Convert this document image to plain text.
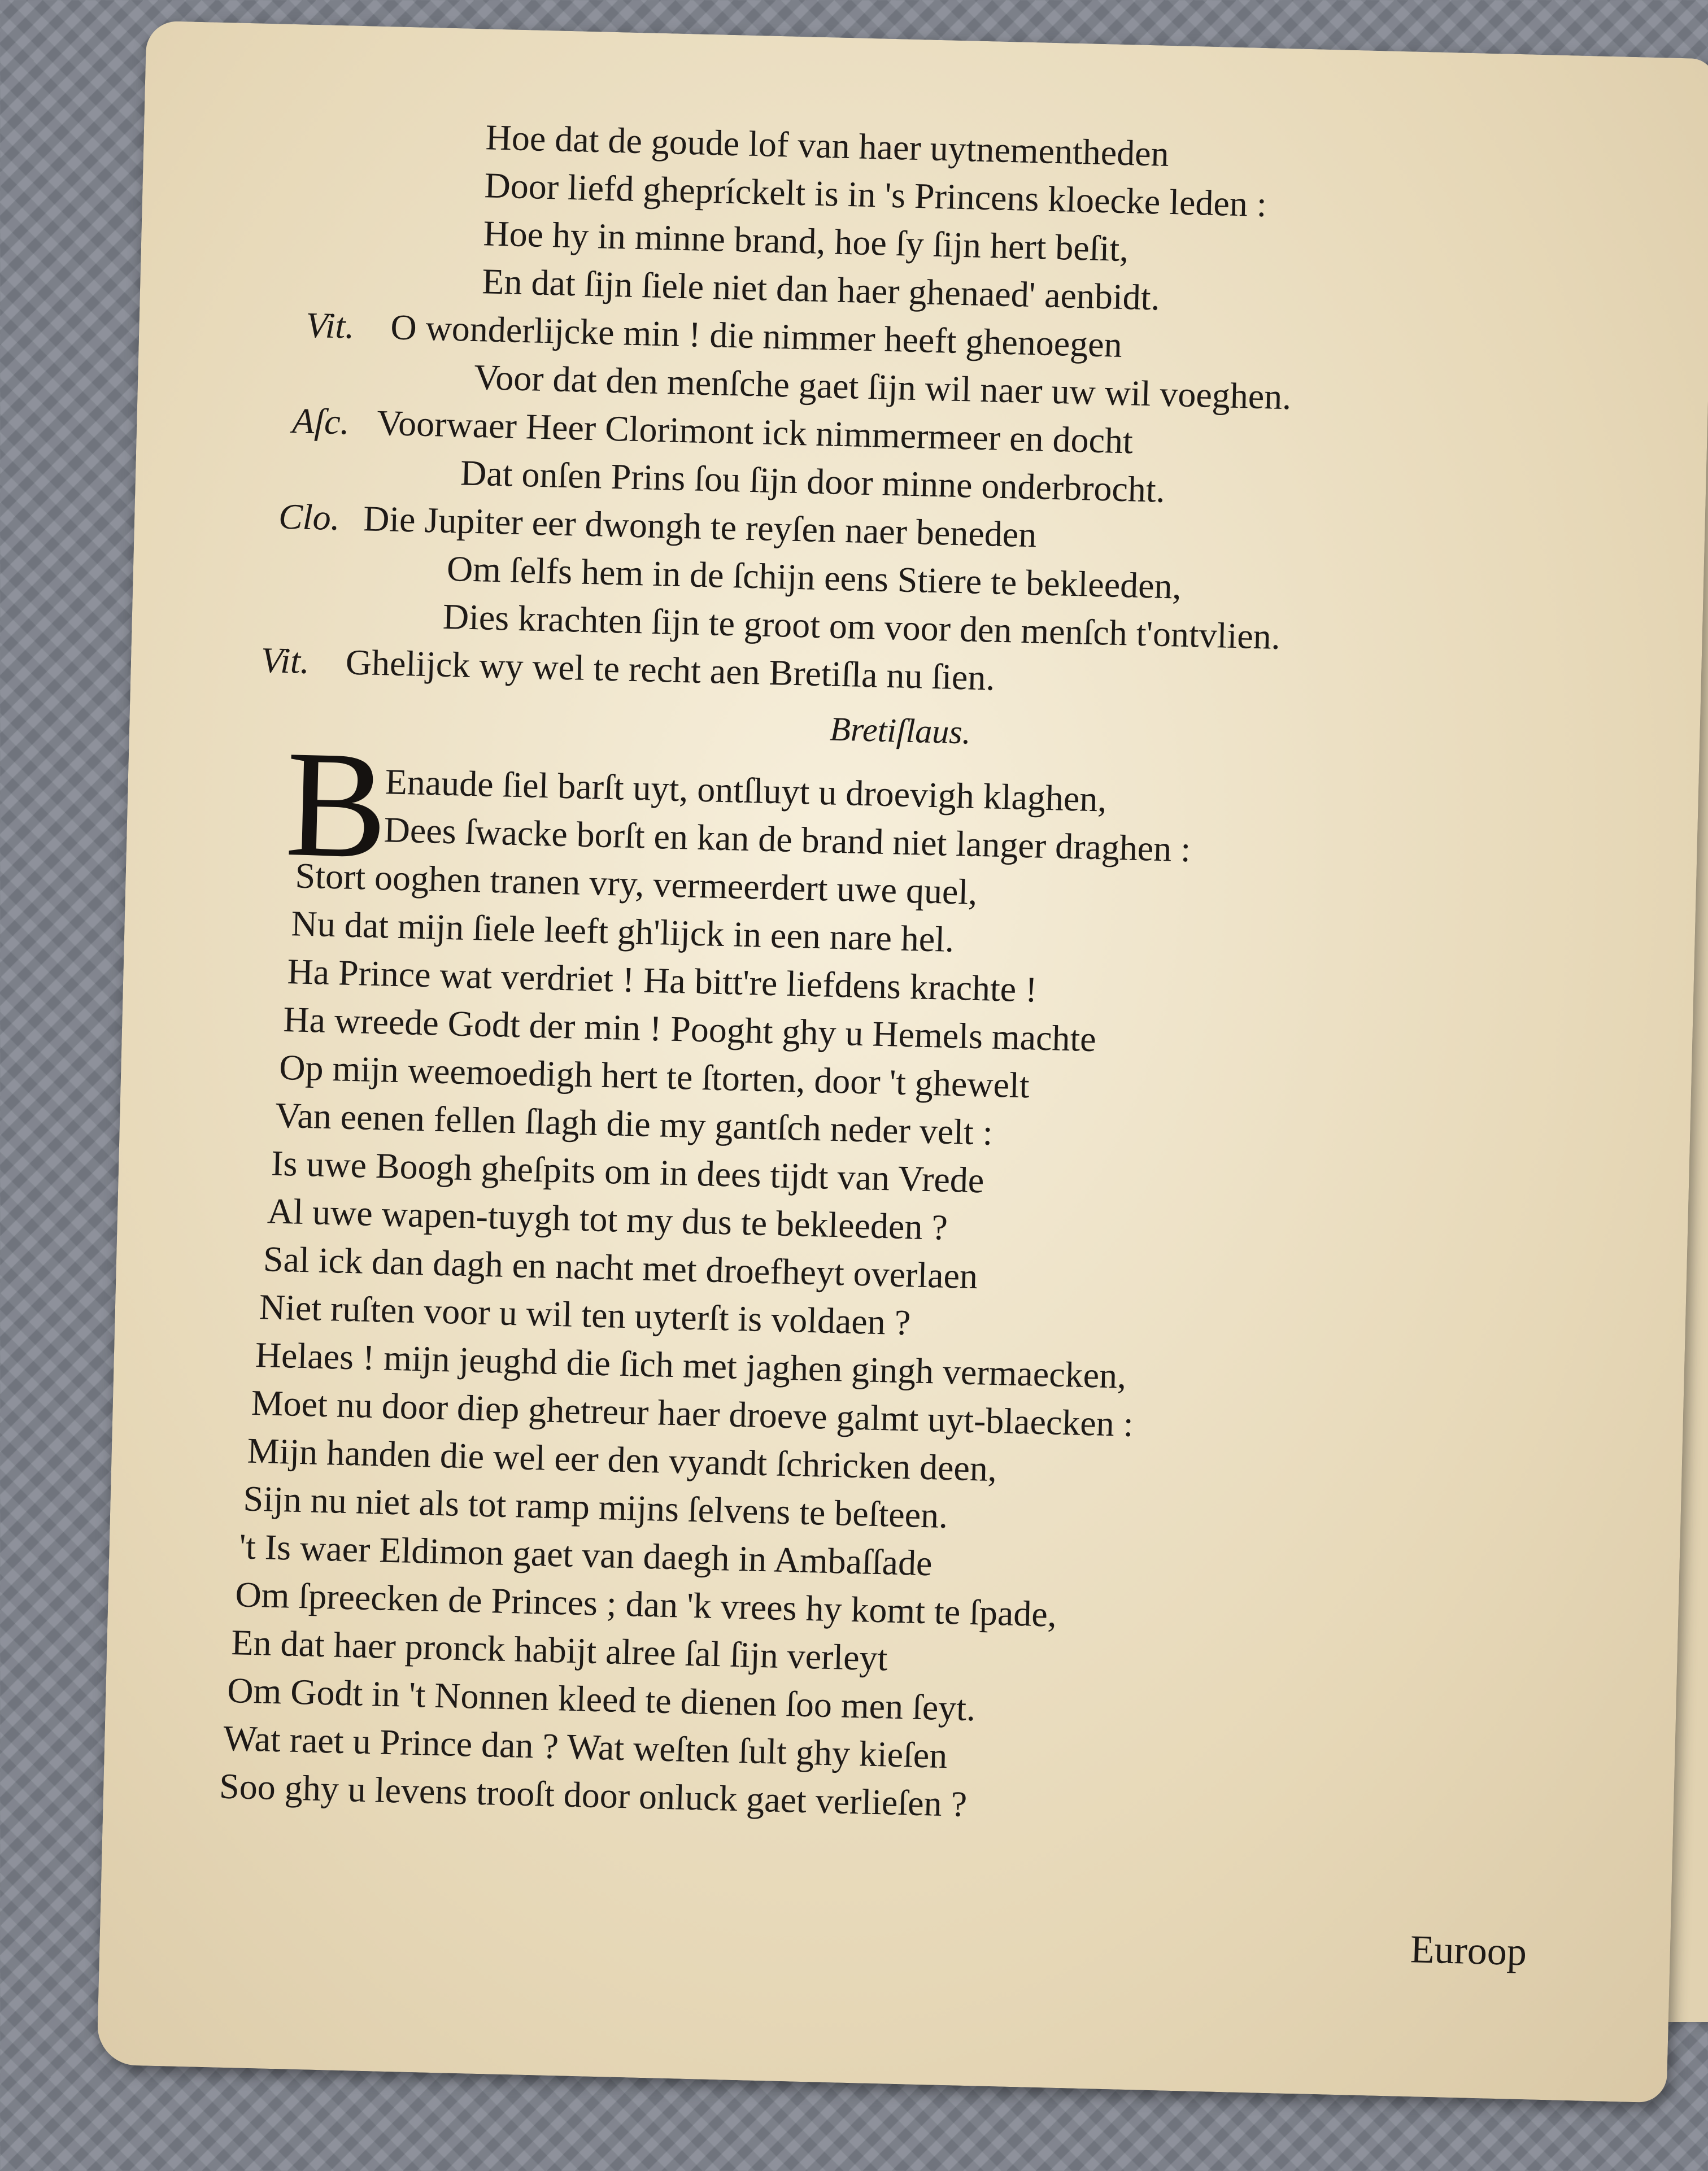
Hoe dat de goude lof van haer uytnementheden
Door liefd ghepríckelt is in 's Princens kloecke leden :
Hoe hy in minne brand, hoe ſy ſijn hert beſit,
En dat ſijn ſiele niet dan haer ghenaed' aenbidt.
Vit. O wonderlijcke min ! die nimmer heeft ghenoegen
Voor dat den menſche gaet ſijn wil naer uw wil voeghen.
Aſc. Voorwaer Heer Clorimont ick nimmermeer en docht
Dat onſen Prins ſou ſijn door minne onderbrocht.
Clo. Die Jupiter eer dwongh te reyſen naer beneden
Om ſelfs hem in de ſchijn eens Stiere te bekleeden,
Dies krachten ſijn te groot om voor den menſch t'ontvlien.
Vit. Ghelijck wy wel te recht aen Bretiſla nu ſien.
Bretiſlaus.
B
Enaude ſiel barſt uyt, ontſluyt u droevigh klaghen,
Dees ſwacke borſt en kan de brand niet langer draghen :
Stort ooghen tranen vry, vermeerdert uwe quel,
Nu dat mijn ſiele leeft gh'lijck in een nare hel.
Ha Prince wat verdriet ! Ha bitt're liefdens krachte !
Ha wreede Godt der min ! Pooght ghy u Hemels machte
Op mijn weemoedigh hert te ſtorten, door 't ghewelt
Van eenen fellen ſlagh die my gantſch neder velt :
Is uwe Boogh gheſpits om in dees tijdt van Vrede
Al uwe wapen-tuygh tot my dus te bekleeden ?
Sal ick dan dagh en nacht met droefheyt overlaen
Niet ruſten voor u wil ten uyterſt is voldaen ?
Helaes ! mijn jeughd die ſich met jaghen gingh vermaecken,
Moet nu door diep ghetreur haer droeve galmt uyt-blaecken :
Mijn handen die wel eer den vyandt ſchricken deen,
Sijn nu niet als tot ramp mijns ſelvens te beſteen.
't Is waer Eldimon gaet van daegh in Ambaſſade
Om ſpreecken de Princes ; dan 'k vrees hy komt te ſpade,
En dat haer pronck habijt alree ſal ſijn verleyt
Om Godt in 't Nonnen kleed te dienen ſoo men ſeyt.
Wat raet u Prince dan ? Wat weſten ſult ghy kieſen
Soo ghy u levens trooſt door onluck gaet verlieſen ?
Euroop
